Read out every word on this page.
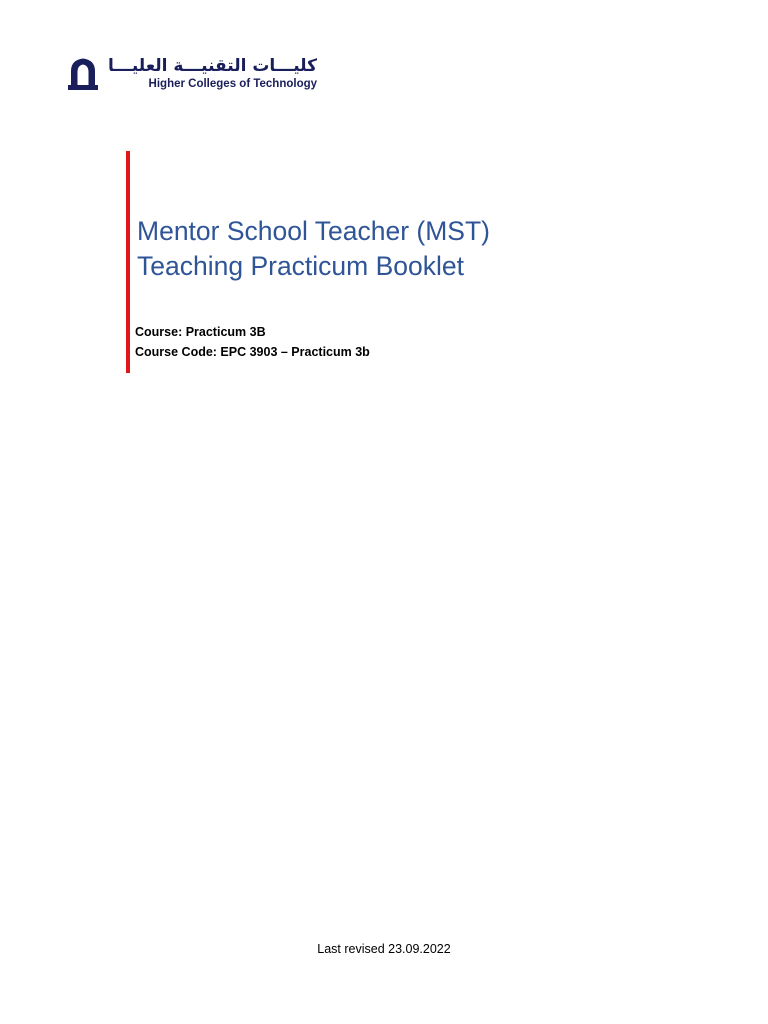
كليـــات التقنيـــة العليـــا
Higher Colleges of Technology
Mentor School Teacher (MST)
Teaching Practicum Booklet
Course: Practicum 3B
Course Code: EPC 3903 – Practicum 3b
Last revised 23.09.2022
